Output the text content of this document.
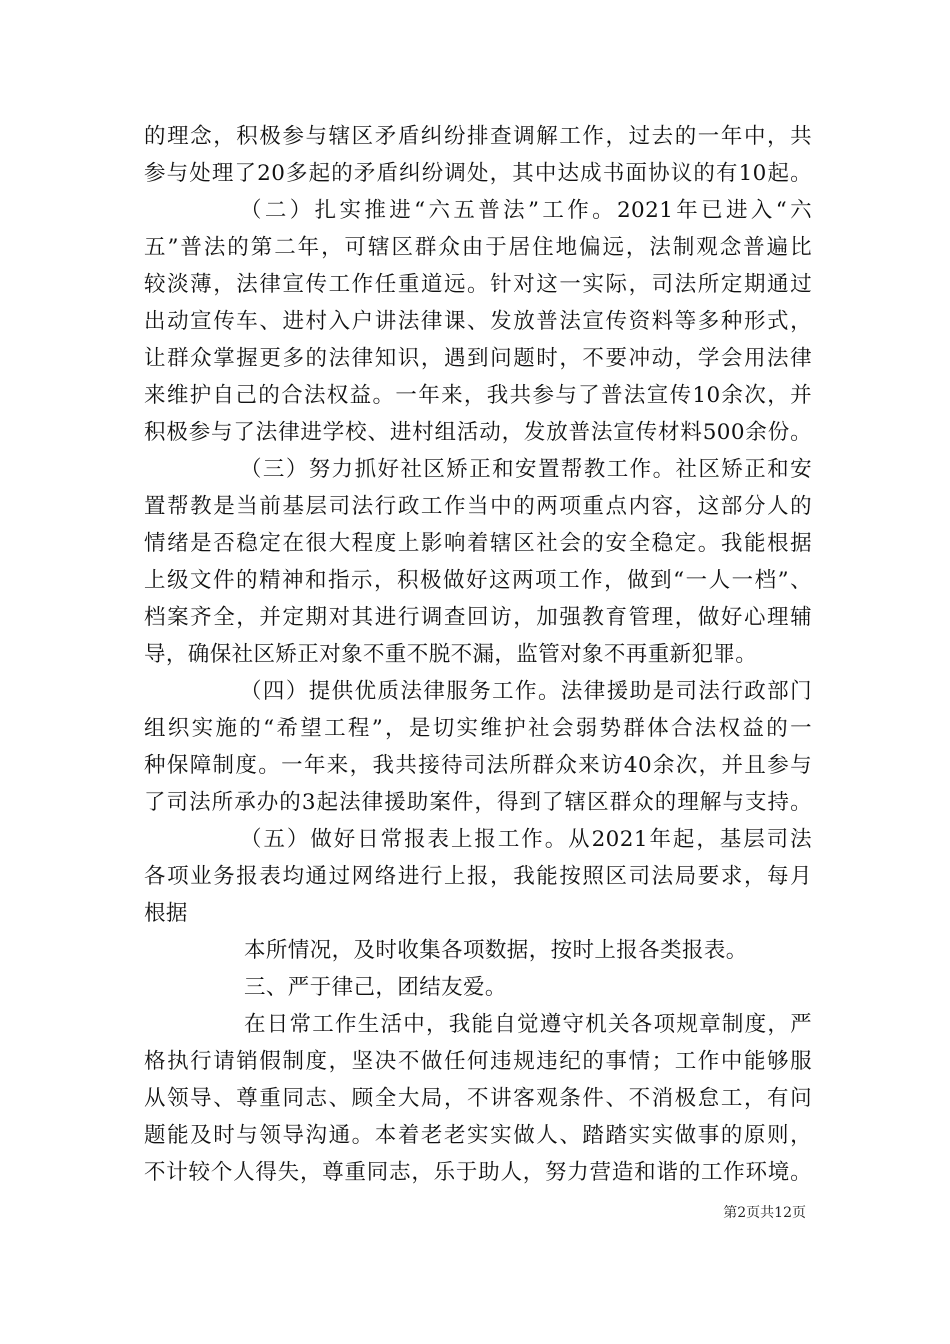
的理念，积极参与辖区矛盾纠纷排查调解工作，过去的一年中，共
参与处理了20多起的矛盾纠纷调处，其中达成书面协议的有10起。
（二）扎实推进“六五普法”工作。2021年已进入“六
五”普法的第二年，可辖区群众由于居住地偏远，法制观念普遍比
较淡薄，法律宣传工作任重道远。针对这一实际，司法所定期通过
出动宣传车、进村入户讲法律课、发放普法宣传资料等多种形式，
让群众掌握更多的法律知识，遇到问题时，不要冲动，学会用法律
来维护自己的合法权益。一年来，我共参与了普法宣传10余次，并
积极参与了法律进学校、进村组活动，发放普法宣传材料500余份。
（三）努力抓好社区矫正和安置帮教工作。社区矫正和安
置帮教是当前基层司法行政工作当中的两项重点内容，这部分人的
情绪是否稳定在很大程度上影响着辖区社会的安全稳定。我能根据
上级文件的精神和指示，积极做好这两项工作，做到“一人一档”、
档案齐全，并定期对其进行调查回访，加强教育管理，做好心理辅
导，确保社区矫正对象不重不脱不漏，监管对象不再重新犯罪。
（四）提供优质法律服务工作。法律援助是司法行政部门
组织实施的“希望工程”，是切实维护社会弱势群体合法权益的一
种保障制度。一年来，我共接待司法所群众来访40余次，并且参与
了司法所承办的3起法律援助案件，得到了辖区群众的理解与支持。
（五）做好日常报表上报工作。从2021年起，基层司法
各项业务报表均通过网络进行上报，我能按照区司法局要求，每月
根据
本所情况，及时收集各项数据，按时上报各类报表。
三、严于律己，团结友爱。
在日常工作生活中，我能自觉遵守机关各项规章制度，严
格执行请销假制度，坚决不做任何违规违纪的事情；工作中能够服
从领导、尊重同志、顾全大局，不讲客观条件、不消极怠工，有问
题能及时与领导沟通。本着老老实实做人、踏踏实实做事的原则，
不计较个人得失，尊重同志，乐于助人，努力营造和谐的工作环境。
第2页共12页
